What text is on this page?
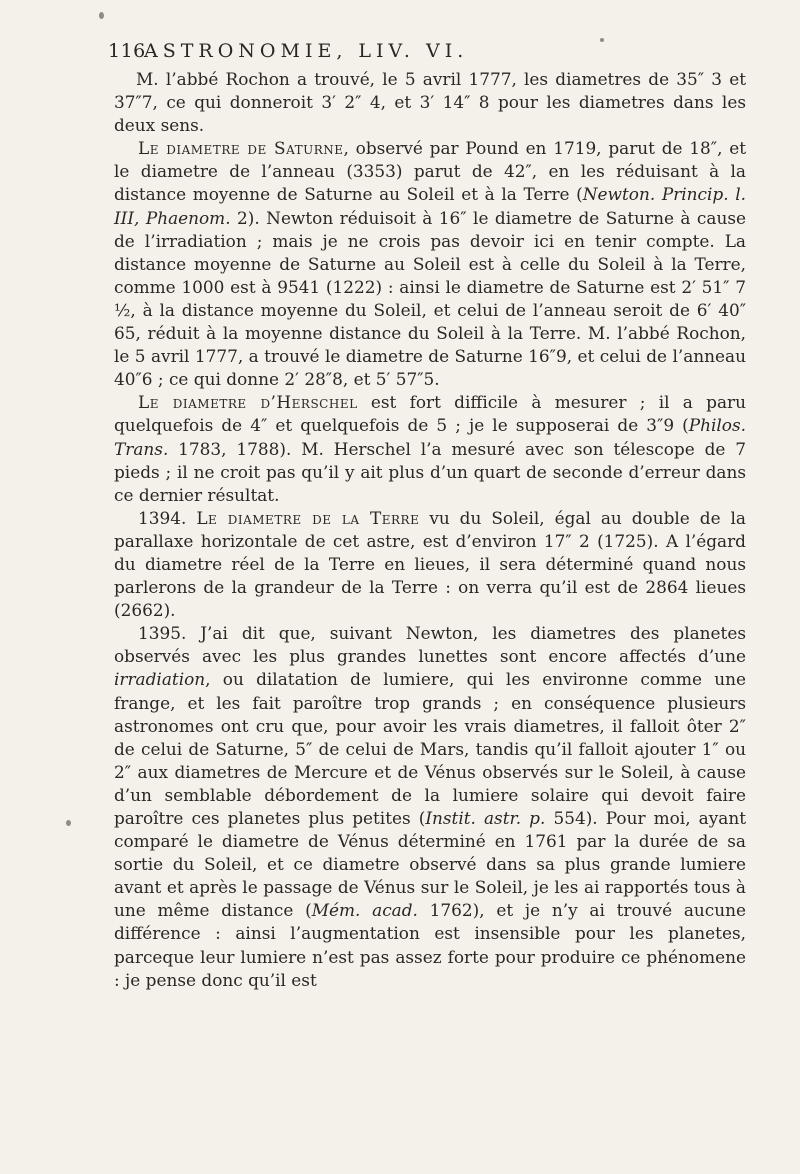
116
ASTRONOMIE, LIV. VI.

M. l’abbé Rochon a trouvé, le 5 avril 1777, les diametres de 35″ 3 et 37″7, ce qui donneroit 3′ 2″ 4, et 3′ 14″ 8 pour les diametres dans les deux sens.

Le diametre de Saturne, observé par Pound en 1719, parut de 18″, et le diametre de l’anneau (3353) parut de 42″, en les réduisant à la distance moyenne de Saturne au Soleil et à la Terre (Newton. Princip. l. III, Phaenom. 2). Newton réduisoit à 16″ le diametre de Saturne à cause de l’irradiation ; mais je ne crois pas devoir ici en tenir compte. La distance moyenne de Saturne au Soleil est à celle du Soleil à la Terre, comme 1000 est à 9541 (1222) : ainsi le diametre de Saturne est 2′ 51″ 7 ½, à la distance moyenne du Soleil, et celui de l’anneau seroit de 6′ 40″ 65, réduit à la moyenne distance du Soleil à la Terre. M. l’abbé Rochon, le 5 avril 1777, a trouvé le diametre de Saturne 16″9, et celui de l’anneau 40″6 ; ce qui donne 2′ 28″8, et 5′ 57″5.

Le diametre d’Herschel est fort difficile à mesurer ; il a paru quelquefois de 4″ et quelquefois de 5 ; je le supposerai de 3″9 (Philos. Trans. 1783, 1788). M. Herschel l’a mesuré avec son télescope de 7 pieds ; il ne croit pas qu’il y ait plus d’un quart de seconde d’erreur dans ce dernier résultat.

1394. Le diametre de la Terre vu du Soleil, égal au double de la parallaxe horizontale de cet astre, est d’environ 17″ 2 (1725). A l’égard du diametre réel de la Terre en lieues, il sera déterminé quand nous parlerons de la grandeur de la Terre : on verra qu’il est de 2864 lieues (2662).

1395. J’ai dit que, suivant Newton, les diametres des planetes observés avec les plus grandes lunettes sont encore affectés d’une irradiation, ou dilatation de lumiere, qui les environne comme une frange, et les fait paroître trop grands ; en conséquence plusieurs astronomes ont cru que, pour avoir les vrais diametres, il falloit ôter 2″ de celui de Saturne, 5″ de celui de Mars, tandis qu’il falloit ajouter 1″ ou 2″ aux diametres de Mercure et de Vénus observés sur le Soleil, à cause d’un semblable débordement de la lumiere solaire qui devoit faire paroître ces planetes plus petites (Instit. astr. p. 554). Pour moi, ayant comparé le diametre de Vénus déterminé en 1761 par la durée de sa sortie du Soleil, et ce diametre observé dans sa plus grande lumiere avant et après le passage de Vénus sur le Soleil, je les ai rapportés tous à une même distance (Mém. acad. 1762), et je n’y ai trouvé aucune différence : ainsi l’augmentation est insensible pour les planetes, parceque leur lumiere n’est pas assez forte pour produire ce phénomene : je pense donc qu’il est
